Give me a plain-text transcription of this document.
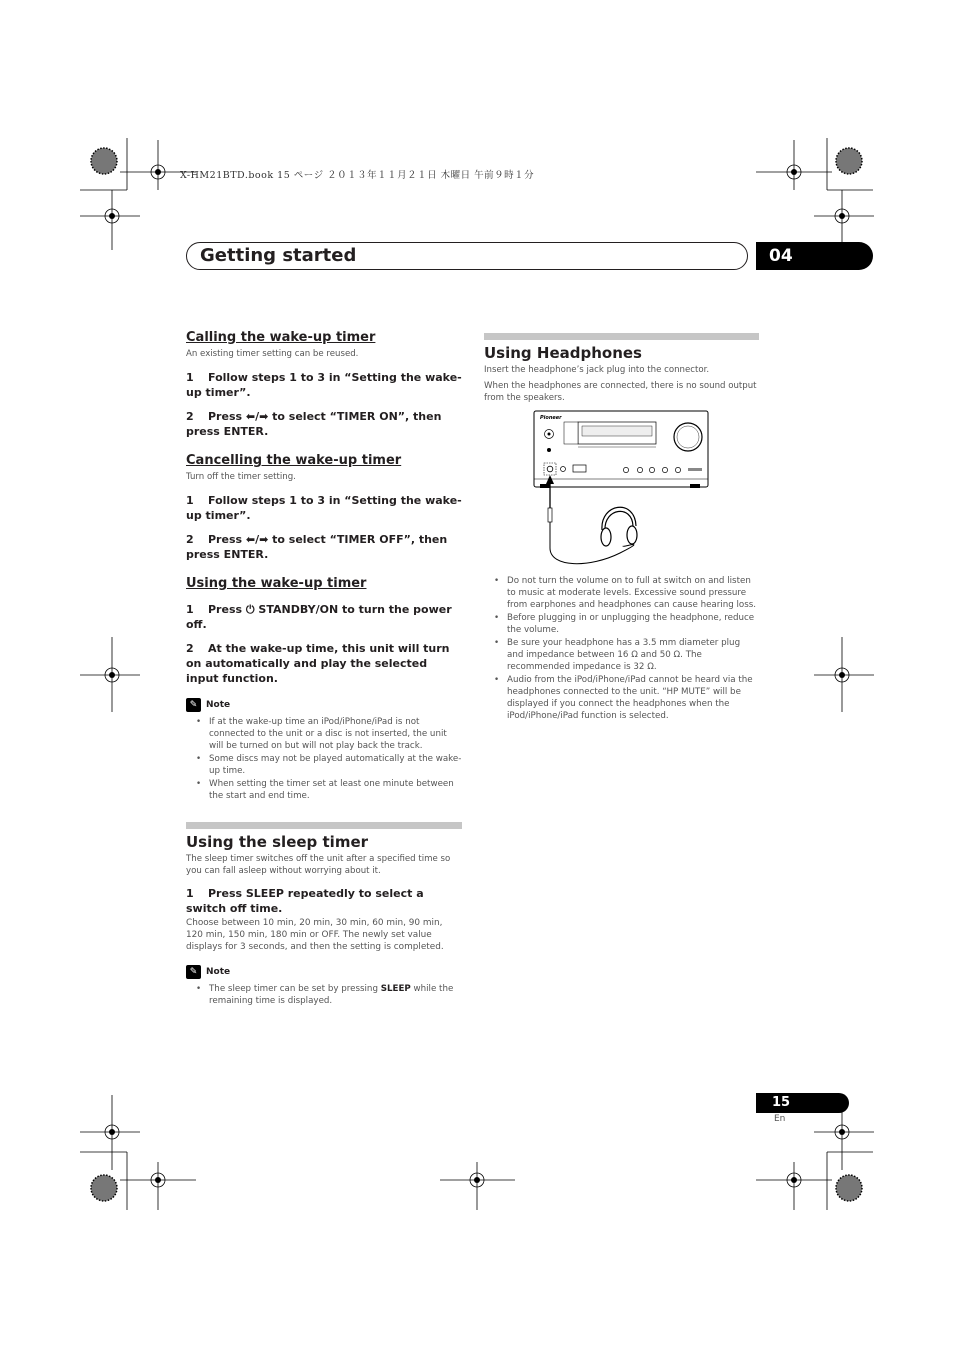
X-HM21BTD.book 15 ページ ２０１３年１１月２１日 木曜日 午前９時１分
Getting started	04

Calling the wake-up timer

An existing timer setting can be reused.

1 Follow steps 1 to 3 in “Setting the wake-up timer”.

2 Press ⬅/➡ to select “TIMER ON”, then press ENTER.

Cancelling the wake-up timer

Turn off the timer setting.

1 Follow steps 1 to 3 in “Setting the wake-up timer”.

2 Press ⬅/➡ to select “TIMER OFF”, then press ENTER.

Using the wake-up timer

1 Press ⏻ STANDBY/ON to turn the power off.

2 At the wake-up time, this unit will turn on automatically and play the selected input function.

✎ Note
• If at the wake-up time an iPod/iPhone/iPad is not connected to the unit or a disc is not inserted, the unit will be turned on but will not play back the track.
• Some discs may not be played automatically at the wake-up time.
• When setting the timer set at least one minute between the start and end time.

Using the sleep timer

The sleep timer switches off the unit after a specified time so you can fall asleep without worrying about it.

1 Press SLEEP repeatedly to select a switch off time.

Choose between 10 min, 20 min, 30 min, 60 min, 90 min, 120 min, 150 min, 180 min or OFF. The newly set value displays for 3 seconds, and then the setting is completed.

✎ Note
• The sleep timer can be set by pressing SLEEP while the remaining time is displayed.

Using Headphones

Insert the headphone’s jack plug into the connector.

When the headphones are connected, there is no sound output from the speakers.

Pioneer
• Do not turn the volume on to full at switch on and listen to music at moderate levels. Excessive sound pressure from earphones and headphones can cause hearing loss.
• Before plugging in or unplugging the headphone, reduce the volume.
• Be sure your headphone has a 3.5 mm diameter plug and impedance between 16 Ω and 50 Ω. The recommended impedance is 32 Ω.
• Audio from the iPod/iPhone/iPad cannot be heard via the headphones connected to the unit. “HP MUTE” will be displayed if you connect the headphones when the iPod/iPhone/iPad function is selected.
15
En
